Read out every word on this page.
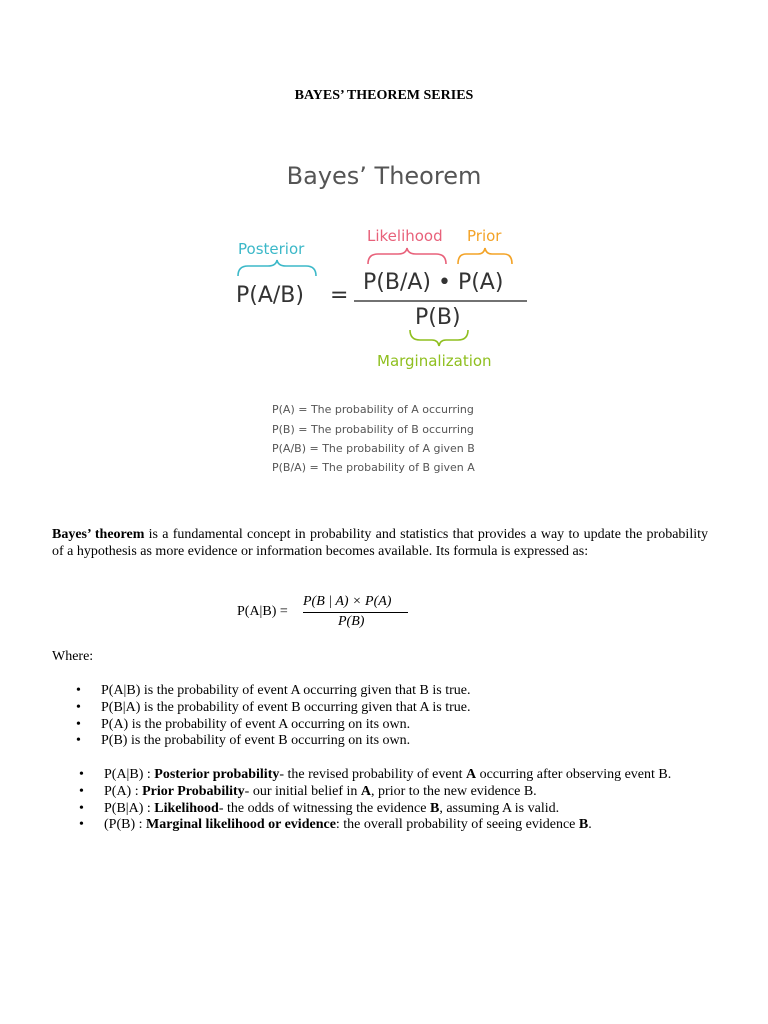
BAYES’ THEOREM SERIES
Bayes’ Theorem
Posterior
Likelihood Prior
Marginalization
P(A/B) =
P(B/A) • P(A)
P(B)
P(A) = The probability of A occurring
P(B) = The probability of B occurring
P(A/B) = The probability of A given B
P(B/A) = The probability of B given A
Bayes’ theorem is a fundamental concept in probability and statistics that provides a way to update the probability of a hypothesis as more evidence or information becomes available. Its formula is expressed as:
P(A|B) =
P(B | A) × P(A)
P(B)
Where:
• P(A|B) is the probability of event A occurring given that B is true.
• P(B|A) is the probability of event B occurring given that A is true.
• P(A) is the probability of event A occurring on its own.
• P(B) is the probability of event B occurring on its own.
• P(A|B) : Posterior probability- the revised probability of event A occurring after observing event B.
• P(A) : Prior Probability- our initial belief in A, prior to the new evidence B.
• P(B|A) : Likelihood- the odds of witnessing the evidence B, assuming A is valid.
• (P(B) : Marginal likelihood or evidence: the overall probability of seeing evidence B.
